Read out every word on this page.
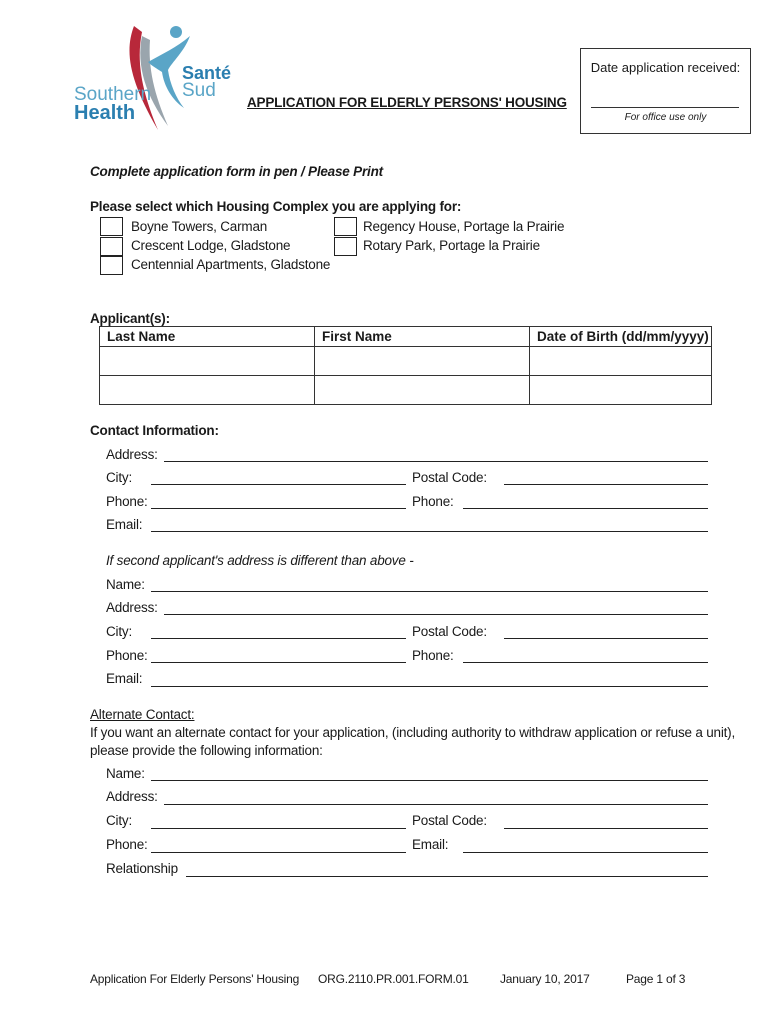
Southern
Health
Santé
Sud
APPLICATION FOR ELDERLY PERSONS' HOUSING
Date application received:
For office use only
Complete application form in pen / Please Print
Please select which Housing Complex you are applying for:
Boyne Towers, Carman
Crescent Lodge, Gladstone
Centennial Apartments, Gladstone
Regency House, Portage la Prairie
Rotary Park, Portage la Prairie
Applicant(s):
Last Name	First Name	Date of Birth (dd/mm/yyyy)

Contact Information:
Address:
City:	Postal Code:
Phone:	Phone:
Email:
If second applicant's address is different than above -
Name:
Address:
City:	Postal Code:
Phone:	Phone:
Email:
Alternate Contact:
If you want an alternate contact for your application, (including authority to withdraw application or refuse a unit),
please provide the following information:
Name:
Address:
City:	Postal Code:
Phone:	Email:
Relationship
Application For Elderly Persons' Housing ORG.2110.PR.001.FORM.01	January 10, 2017	Page 1 of 3
